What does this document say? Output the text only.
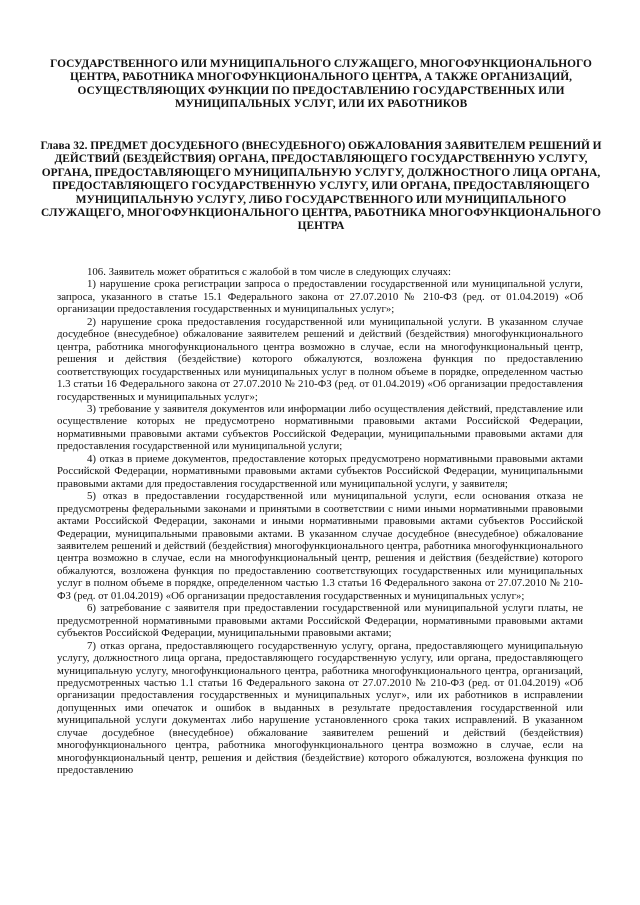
ГОСУДАРСТВЕННОГО ИЛИ МУНИЦИПАЛЬНОГО СЛУЖАЩЕГО, МНОГОФУНКЦИОНАЛЬНОГО ЦЕНТРА, РАБОТНИКА МНОГОФУНКЦИОНАЛЬНОГО ЦЕНТРА, А ТАКЖЕ ОРГАНИЗАЦИЙ, ОСУЩЕСТВЛЯЮЩИХ ФУНКЦИИ ПО ПРЕДОСТАВЛЕНИЮ ГОСУДАРСТВЕННЫХ ИЛИ МУНИЦИПАЛЬНЫХ УСЛУГ, ИЛИ ИХ РАБОТНИКОВ
Глава 32. ПРЕДМЕТ ДОСУДЕБНОГО (ВНЕСУДЕБНОГО) ОБЖАЛОВАНИЯ ЗАЯВИТЕЛЕМ РЕШЕНИЙ И ДЕЙСТВИЙ (БЕЗДЕЙСТВИЯ) ОРГАНА, ПРЕДОСТАВЛЯЮЩЕГО ГОСУДАРСТВЕННУЮ УСЛУГУ, ОРГАНА, ПРЕДОСТАВЛЯЮЩЕГО МУНИЦИПАЛЬНУЮ УСЛУГУ, ДОЛЖНОСТНОГО ЛИЦА ОРГАНА, ПРЕДОСТАВЛЯЮЩЕГО ГОСУДАРСТВЕННУЮ УСЛУГУ, ИЛИ ОРГАНА, ПРЕДОСТАВЛЯЮЩЕГО МУНИЦИПАЛЬНУЮ УСЛУГУ, ЛИБО ГОСУДАРСТВЕННОГО ИЛИ МУНИЦИПАЛЬНОГО СЛУЖАЩЕГО, МНОГОФУНКЦИОНАЛЬНОГО ЦЕНТРА, РАБОТНИКА МНОГОФУНКЦИОНАЛЬНОГО ЦЕНТРА

106. Заявитель может обратиться с жалобой в том числе в следующих случаях:

1) нарушение срока регистрации запроса о предоставлении государственной или муниципальной услуги, запроса, указанного в статье 15.1 Федерального закона от 27.07.2010 № 210-ФЗ (ред. от 01.04.2019) «Об организации предоставления государственных и муниципальных услуг»;

2) нарушение срока предоставления государственной или муниципальной услуги. В указанном случае досудебное (внесудебное) обжалование заявителем решений и действий (бездействия) многофункционального центра, работника многофункционального центра возможно в случае, если на многофункциональный центр, решения и действия (бездействие) которого обжалуются, возложена функция по предоставлению соответствующих государственных или муниципальных услуг в полном объеме в порядке, определенном частью 1.3 статьи 16 Федерального закона от 27.07.2010 № 210-ФЗ (ред. от 01.04.2019) «Об организации предоставления государственных и муниципальных услуг»;

3) требование у заявителя документов или информации либо осуществления действий, представление или осуществление которых не предусмотрено нормативными правовыми актами Российской Федерации, нормативными правовыми актами субъектов Российской Федерации, муниципальными правовыми актами для предоставления государственной или муниципальной услуги;

4) отказ в приеме документов, предоставление которых предусмотрено нормативными правовыми актами Российской Федерации, нормативными правовыми актами субъектов Российской Федерации, муниципальными правовыми актами для предоставления государственной или муниципальной услуги, у заявителя;

5) отказ в предоставлении государственной или муниципальной услуги, если основания отказа не предусмотрены федеральными законами и принятыми в соответствии с ними иными нормативными правовыми актами Российской Федерации, законами и иными нормативными правовыми актами субъектов Российской Федерации, муниципальными правовыми актами. В указанном случае досудебное (внесудебное) обжалование заявителем решений и действий (бездействия) многофункционального центра, работника многофункционального центра возможно в случае, если на многофункциональный центр, решения и действия (бездействие) которого обжалуются, возложена функция по предоставлению соответствующих государственных или муниципальных услуг в полном объеме в порядке, определенном частью 1.3 статьи 16 Федерального закона от 27.07.2010 № 210-ФЗ (ред. от 01.04.2019) «Об организации предоставления государственных и муниципальных услуг»;

6) затребование с заявителя при предоставлении государственной или муниципальной услуги платы, не предусмотренной нормативными правовыми актами Российской Федерации, нормативными правовыми актами субъектов Российской Федерации, муниципальными правовыми актами;

7) отказ органа, предоставляющего государственную услугу, органа, предоставляющего муниципальную услугу, должностного лица органа, предоставляющего государственную услугу, или органа, предоставляющего муниципальную услугу, многофункционального центра, работника многофункционального центра, организаций, предусмотренных частью 1.1 статьи 16 Федерального закона от 27.07.2010 № 210-ФЗ (ред. от 01.04.2019) «Об организации предоставления государственных и муниципальных услуг», или их работников в исправлении допущенных ими опечаток и ошибок в выданных в результате предоставления государственной или муниципальной услуги документах либо нарушение установленного срока таких исправлений. В указанном случае досудебное (внесудебное) обжалование заявителем решений и действий (бездействия) многофункционального центра, работника многофункционального центра возможно в случае, если на многофункциональный центр, решения и действия (бездействие) которого обжалуются, возложена функция по предоставлению
